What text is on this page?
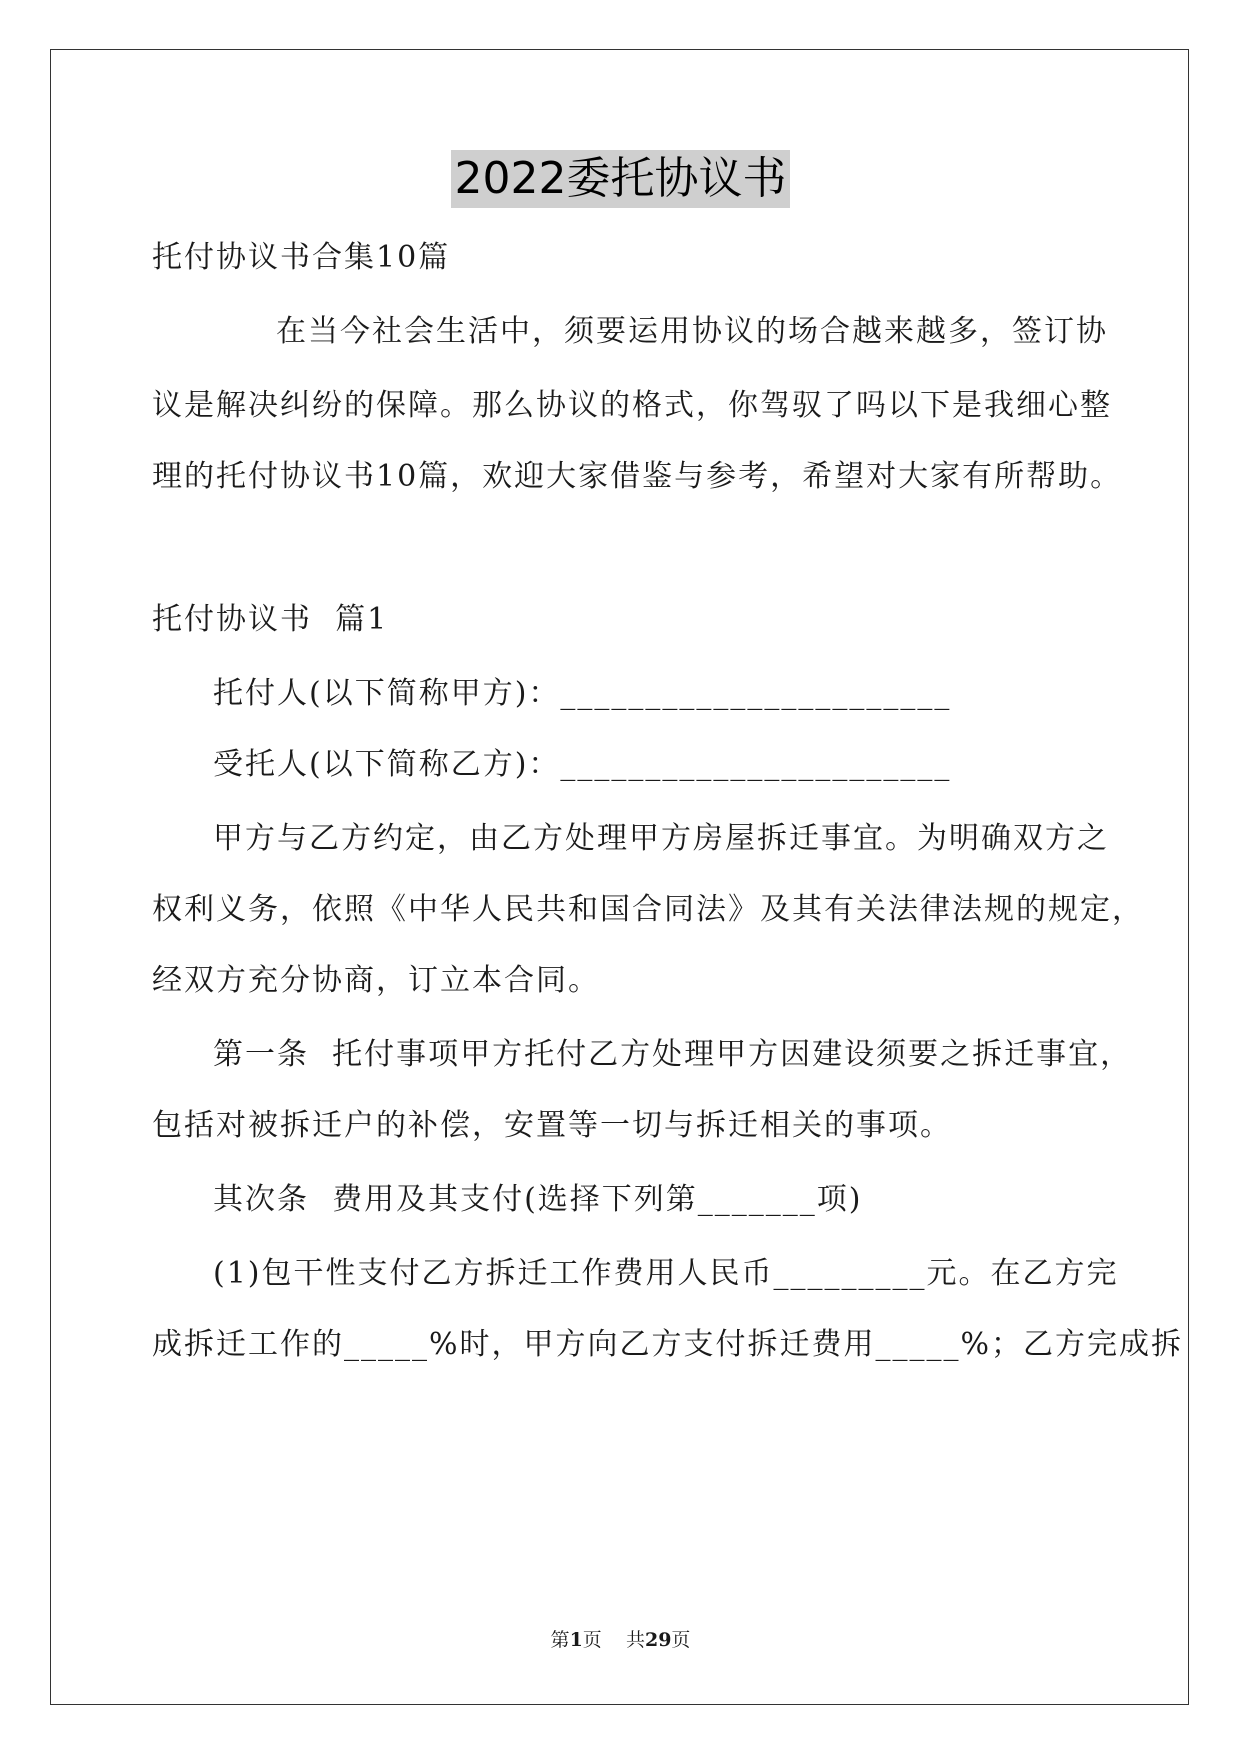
2022委托协议书
托付协议书合集10篇
在当今社会生活中，须要运用协议的场合越来越多，签订协
议是解决纠纷的保障。那么协议的格式，你驾驭了吗以下是我细心整
理的托付协议书10篇，欢迎大家借鉴与参考，希望对大家有所帮助。
托付协议书  篇1
托付人(以下简称甲方)：_______________________
受托人(以下简称乙方)：_______________________
甲方与乙方约定，由乙方处理甲方房屋拆迁事宜。为明确双方之
权利义务，依照《中华人民共和国合同法》及其有关法律法规的规定，
经双方充分协商，订立本合同。
第一条  托付事项甲方托付乙方处理甲方因建设须要之拆迁事宜，
包括对被拆迁户的补偿，安置等一切与拆迁相关的事项。
其次条  费用及其支付(选择下列第_______项)
(1)包干性支付乙方拆迁工作费用人民币_________元。在乙方完
成拆迁工作的_____%时，甲方向乙方支付拆迁费用_____%；乙方完成拆
第1页    共29页
